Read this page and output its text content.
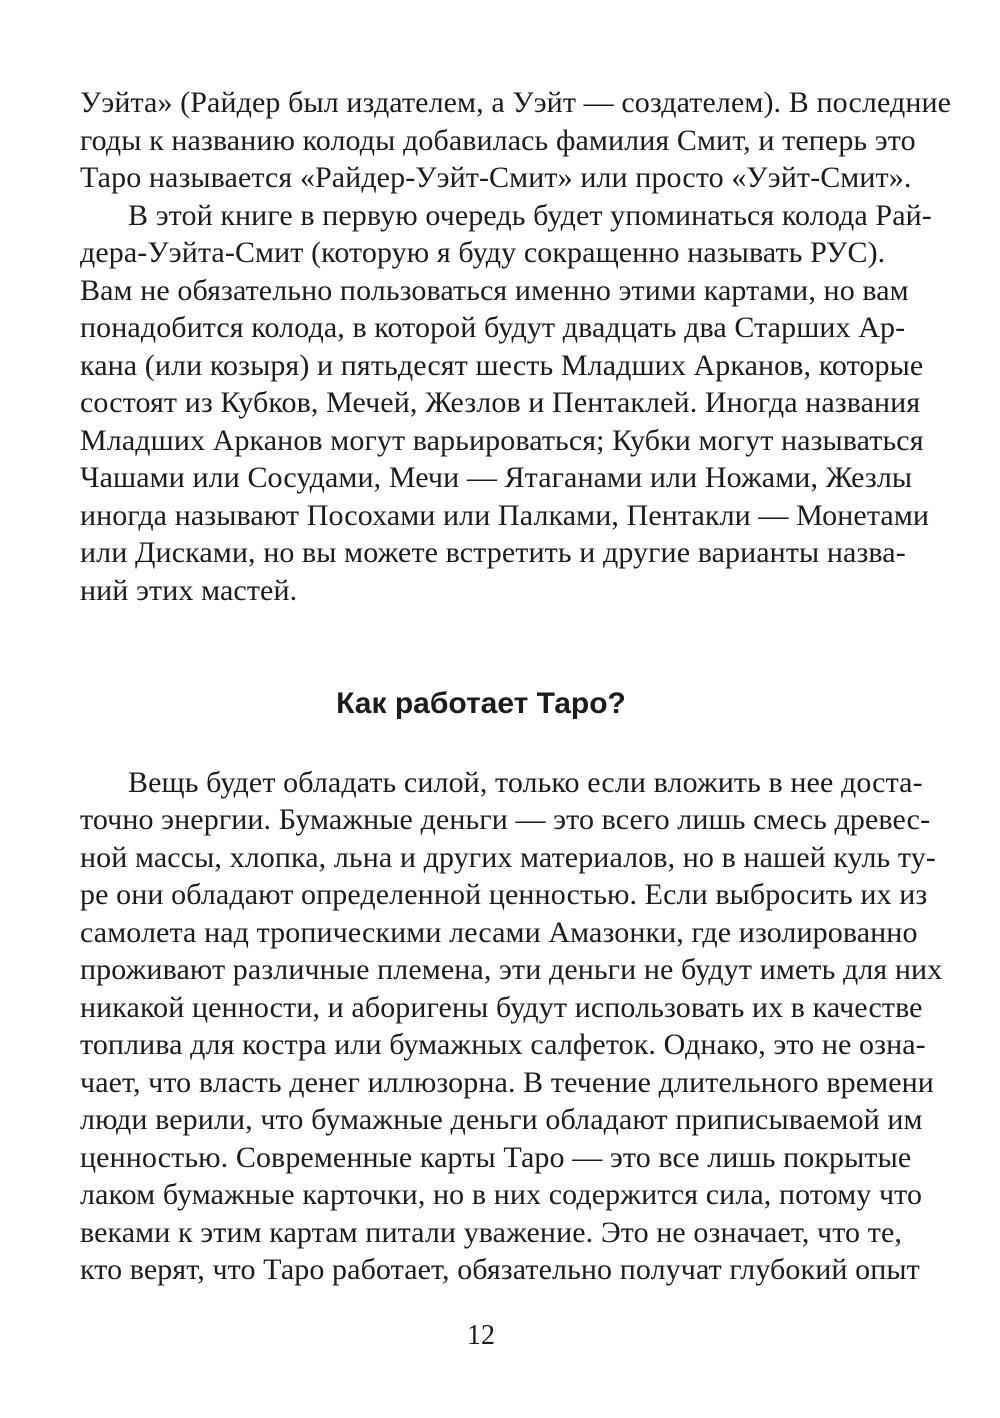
Уэйта» (Райдер был издателем, а Уэйт — создателем). В последние
годы к названию колоды добавилась фамилия Смит, и теперь это
Таро называется «Райдер-Уэйт-Смит» или просто «Уэйт-Смит».
В этой книге в первую очередь будет упоминаться колода Рай-
дера-Уэйта-Смит (которую я буду сокращенно называть РУС).
Вам не обязательно пользоваться именно этими картами, но вам
понадобится колода, в которой будут двадцать два Старших Ар-
кана (или козыря) и пятьдесят шесть Младших Арканов, которые
состоят из Кубков, Мечей, Жезлов и Пентаклей. Иногда названия
Младших Арканов могут варьироваться; Кубки могут называться
Чашами или Сосудами, Мечи — Ятаганами или Ножами, Жезлы
иногда называют Посохами или Палками, Пентакли — Монетами
или Дисками, но вы можете встретить и другие варианты назва-
ний этих мастей.
Как работает Таро?
Вещь будет обладать силой, только если вложить в нее доста-
точно энергии. Бумажные деньги — это всего лишь смесь древес-
ной массы, хлопка, льна и других материалов, но в нашей куль ту-
ре они обладают определенной ценностью. Если выбросить их из
самолета над тропическими лесами Амазонки, где изолированно
проживают различные племена, эти деньги не будут иметь для них
никакой ценности, и аборигены будут использовать их в качестве
топлива для костра или бумажных салфеток. Однако, это не озна-
чает, что власть денег иллюзорна. В течение длительного времени
люди верили, что бумажные деньги обладают приписываемой им
ценностью. Современные карты Таро — это все лишь покрытые
лаком бумажные карточки, но в них содержится сила, потому что
веками к этим картам питали уважение. Это не означает, что те,
кто верят, что Таро работает, обязательно получат глубокий опыт
12
